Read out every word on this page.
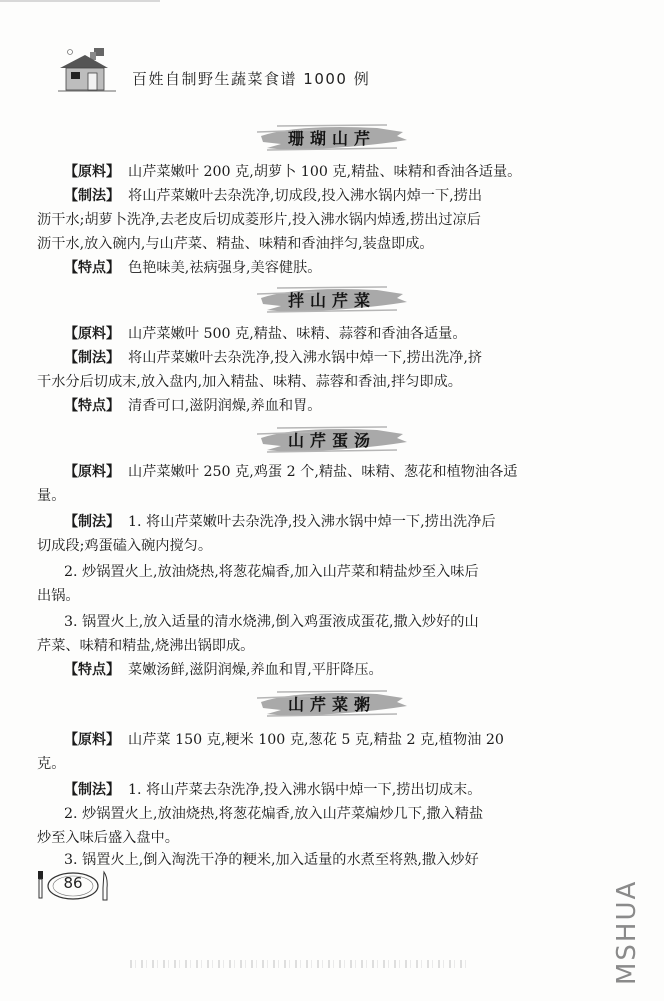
百姓自制野生蔬菜食谱 1000 例
珊瑚山芹
【原料】 山芹菜嫩叶 200 克,胡萝卜 100 克,精盐、味精和香油各适量。
【制法】 将山芹菜嫩叶去杂洗净,切成段,投入沸水锅内焯一下,捞出
沥干水;胡萝卜洗净,去老皮后切成菱形片,投入沸水锅内焯透,捞出过凉后
沥干水,放入碗内,与山芹菜、精盐、味精和香油拌匀,装盘即成。
【特点】 色艳味美,祛病强身,美容健肤。
拌山芹菜
【原料】 山芹菜嫩叶 500 克,精盐、味精、蒜蓉和香油各适量。
【制法】 将山芹菜嫩叶去杂洗净,投入沸水锅中焯一下,捞出洗净,挤
干水分后切成末,放入盘内,加入精盐、味精、蒜蓉和香油,拌匀即成。
【特点】 清香可口,滋阴润燥,养血和胃。
山芹蛋汤
【原料】 山芹菜嫩叶 250 克,鸡蛋 2 个,精盐、味精、葱花和植物油各适
量。
【制法】 1. 将山芹菜嫩叶去杂洗净,投入沸水锅中焯一下,捞出洗净后
切成段;鸡蛋磕入碗内搅匀。
2. 炒锅置火上,放油烧热,将葱花煸香,加入山芹菜和精盐炒至入味后
出锅。
3. 锅置火上,放入适量的清水烧沸,倒入鸡蛋液成蛋花,撒入炒好的山
芹菜、味精和精盐,烧沸出锅即成。
【特点】 菜嫩汤鲜,滋阴润燥,养血和胃,平肝降压。
山芹菜粥
【原料】 山芹菜 150 克,粳米 100 克,葱花 5 克,精盐 2 克,植物油 20
克。
【制法】 1. 将山芹菜去杂洗净,投入沸水锅中焯一下,捞出切成末。
2. 炒锅置火上,放油烧热,将葱花煸香,放入山芹菜煸炒几下,撒入精盐
炒至入味后盛入盘中。
3. 锅置火上,倒入淘洗干净的粳米,加入适量的水煮至将熟,撒入炒好
86	MSHUA
